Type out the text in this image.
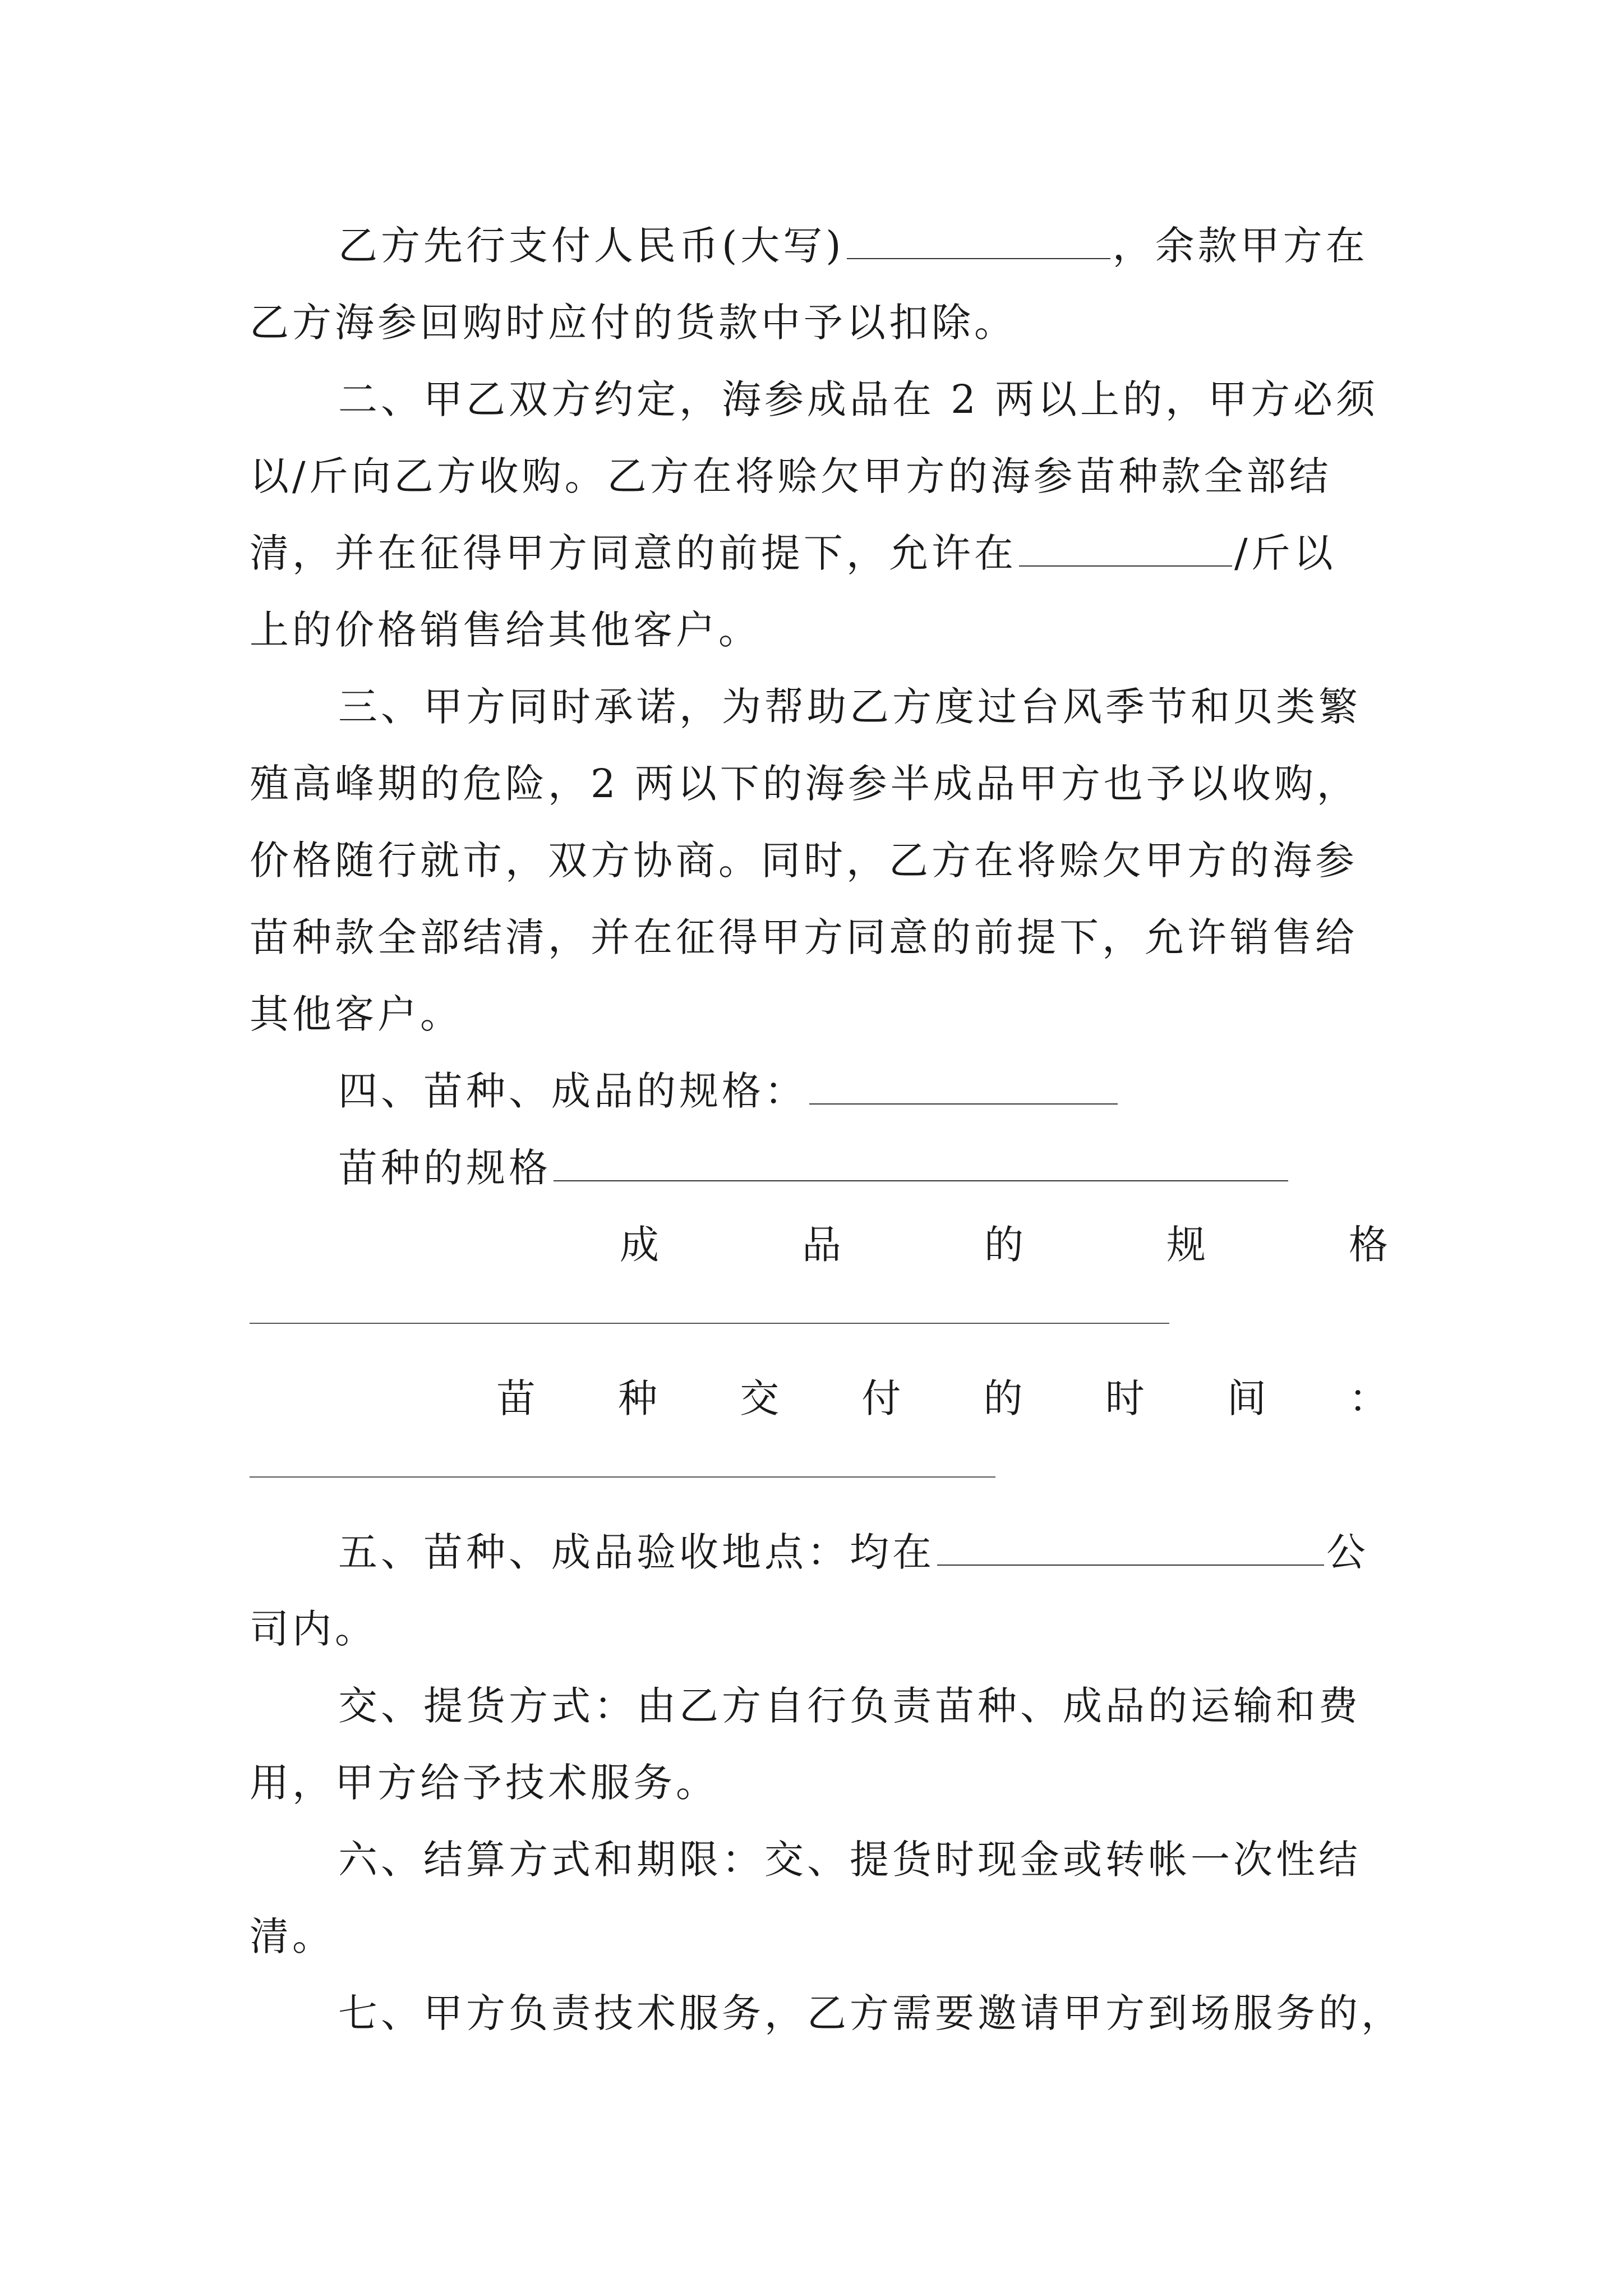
乙方先行支付人民币(大写)	，余款甲方在
乙方海参回购时应付的货款中予以扣除。
二、甲乙双方约定，海参成品在 2 两以上的，甲方必须
以/斤向乙方收购。乙方在将赊欠甲方的海参苗种款全部结
清，并在征得甲方同意的前提下，允许在	/斤以
上的价格销售给其他客户。
三、甲方同时承诺，为帮助乙方度过台风季节和贝类繁
殖高峰期的危险，2 两以下的海参半成品甲方也予以收购，
价格随行就市，双方协商。同时，乙方在将赊欠甲方的海参
苗种款全部结清，并在征得甲方同意的前提下，允许销售给
其他客户。
四、苗种、成品的规格：
苗种的规格
成	品	的	规	格
苗 种 交 付 的 时 间 ：
五、苗种、成品验收地点：均在	公
司内。
交、提货方式：由乙方自行负责苗种、成品的运输和费
用，甲方给予技术服务。
六、结算方式和期限：交、提货时现金或转帐一次性结
清。
七、甲方负责技术服务，乙方需要邀请甲方到场服务的，
